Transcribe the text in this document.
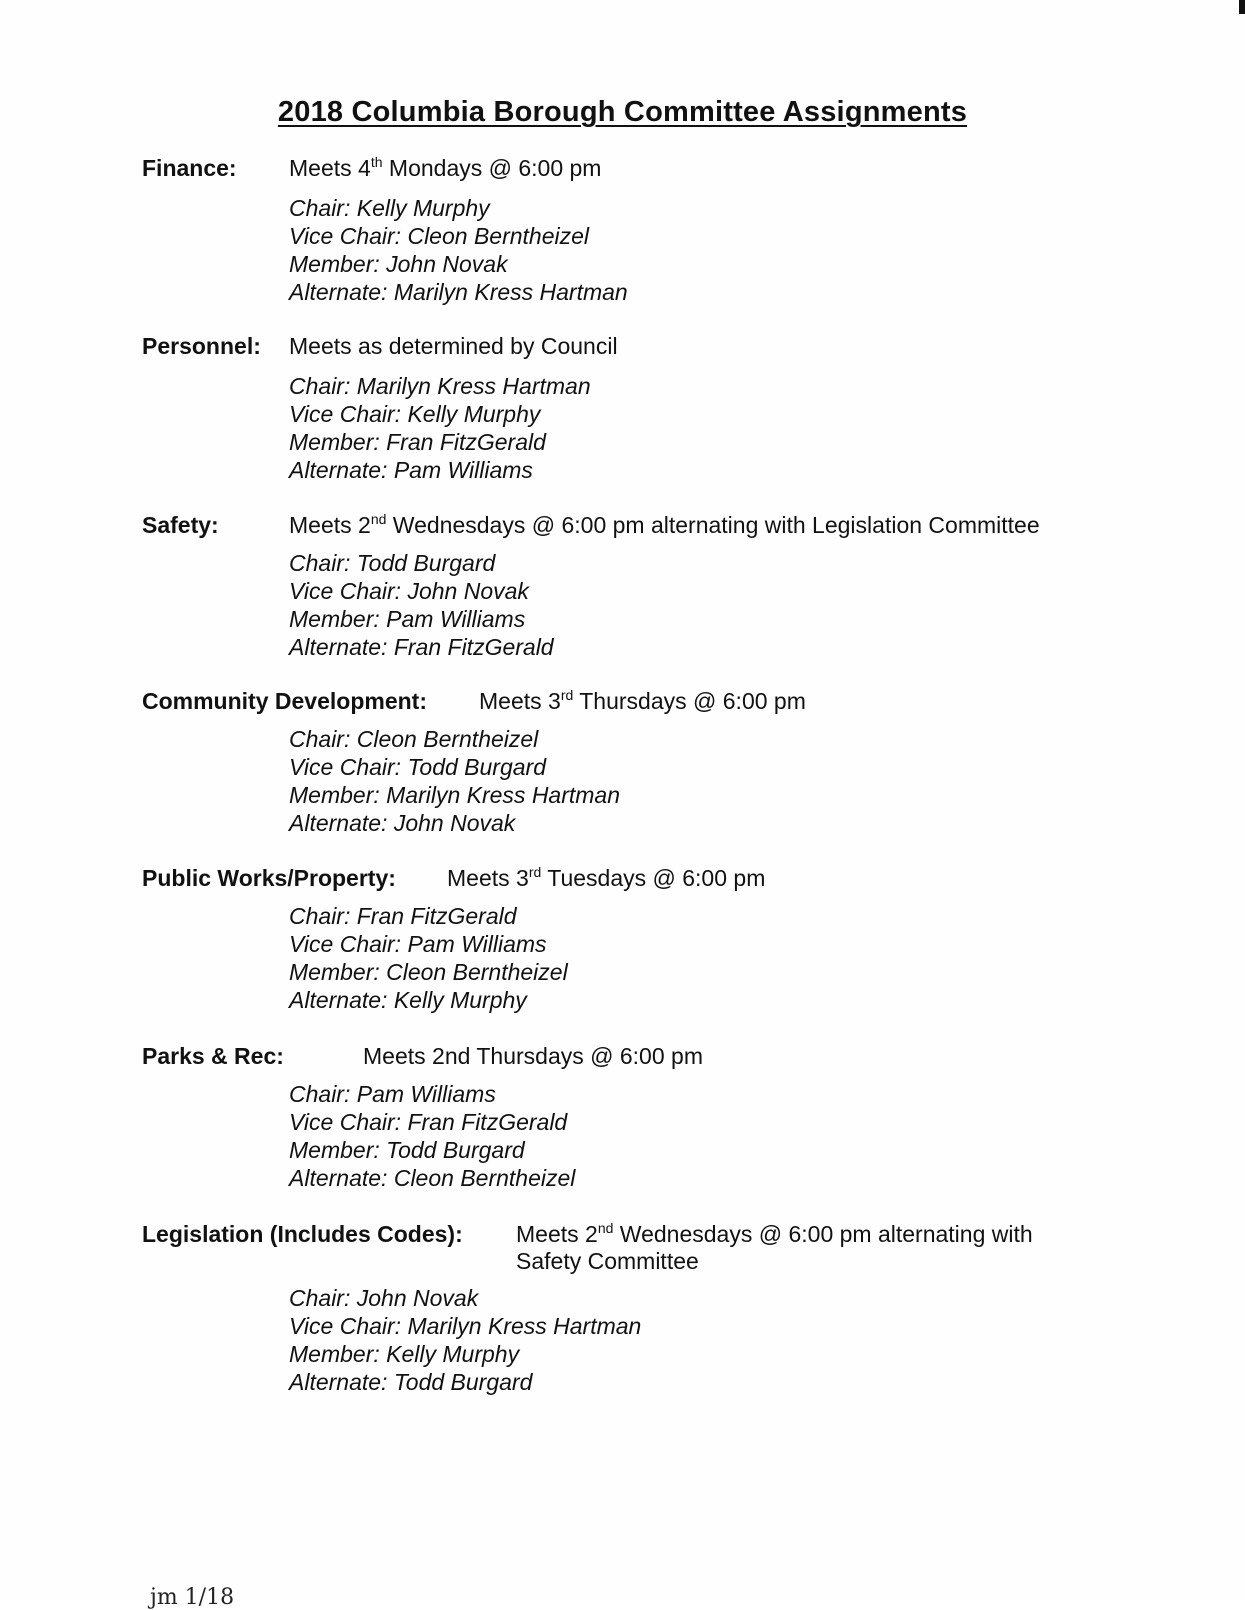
2018 Columbia Borough Committee Assignments
Finance: Meets 4th Mondays @ 6:00 pm
Chair: Kelly Murphy
Vice Chair: Cleon Berntheizel
Member: John Novak
Alternate: Marilyn Kress Hartman
Personnel: Meets as determined by Council
Chair: Marilyn Kress Hartman
Vice Chair: Kelly Murphy
Member: Fran FitzGerald
Alternate: Pam Williams
Safety:	Meets 2nd Wednesdays @ 6:00 pm alternating with Legislation Committee
Chair: Todd Burgard
Vice Chair: John Novak
Member: Pam Williams
Alternate: Fran FitzGerald
Community Development: Meets 3rd Thursdays @ 6:00 pm
Chair: Cleon Berntheizel
Vice Chair: Todd Burgard
Member: Marilyn Kress Hartman
Alternate: John Novak
Public Works/Property: Meets 3rd Tuesdays @ 6:00 pm
Chair: Fran FitzGerald
Vice Chair: Pam Williams
Member: Cleon Berntheizel
Alternate: Kelly Murphy
Parks & Rec:	Meets 2nd Thursdays @ 6:00 pm
Chair: Pam Williams
Vice Chair: Fran FitzGerald
Member: Todd Burgard
Alternate: Cleon Berntheizel
Legislation (Includes Codes): Meets 2nd Wednesdays @ 6:00 pm alternating with
Safety Committee
Chair: John Novak
Vice Chair: Marilyn Kress Hartman
Member: Kelly Murphy
Alternate: Todd Burgard
jm 1/18
